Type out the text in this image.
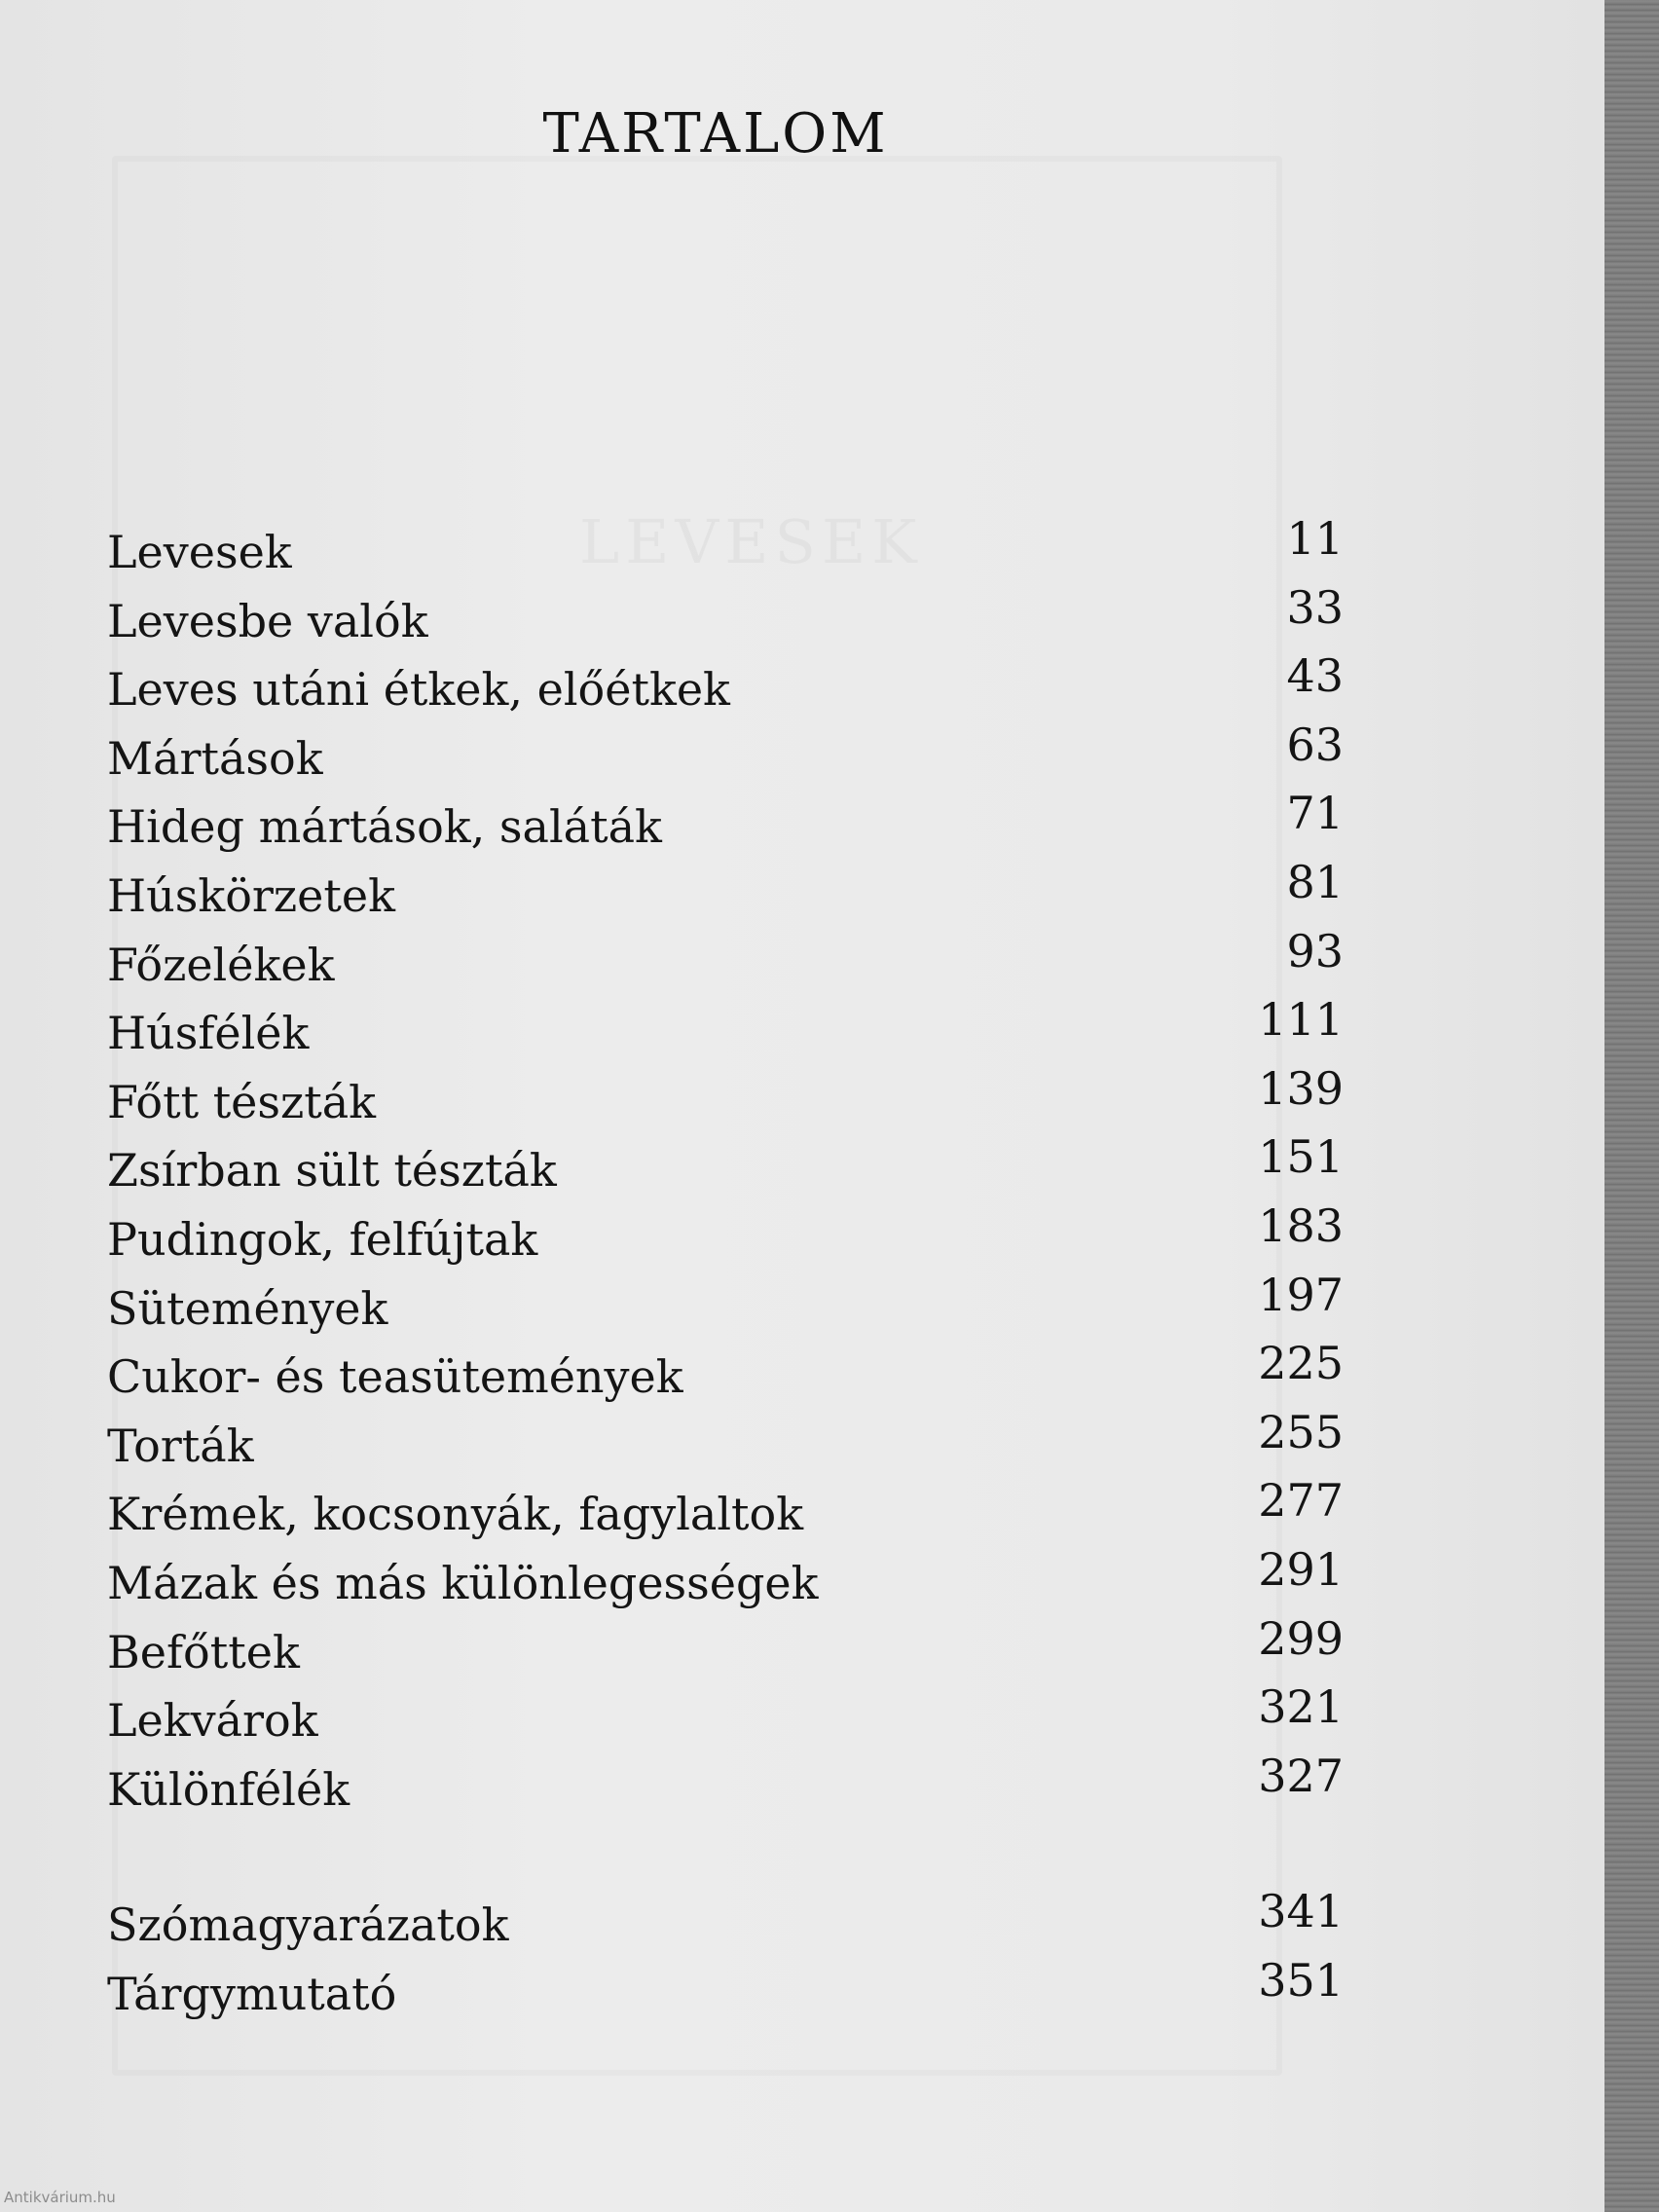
TARTALOM
Levesek	11
Levesbe valók	33
Leves utáni étkek, előétkek	43
Mártások	63
Hideg mártások, saláták	71
Húskörzetek	81
Főzelékek	93
Húsfélék	111
Főtt tészták	139
Zsírban sült tészták	151
Pudingok, felfújtak	183
Sütemények	197
Cukor- és teasütemények	225
Torták	255
Krémek, kocsonyák, fagylaltok	277
Mázak és más különlegességek	291
Befőttek	299
Lekvárok	321
Különfélék	327
Szómagyarázatok	341
Tárgymutató	351
Antikvárium.hu
